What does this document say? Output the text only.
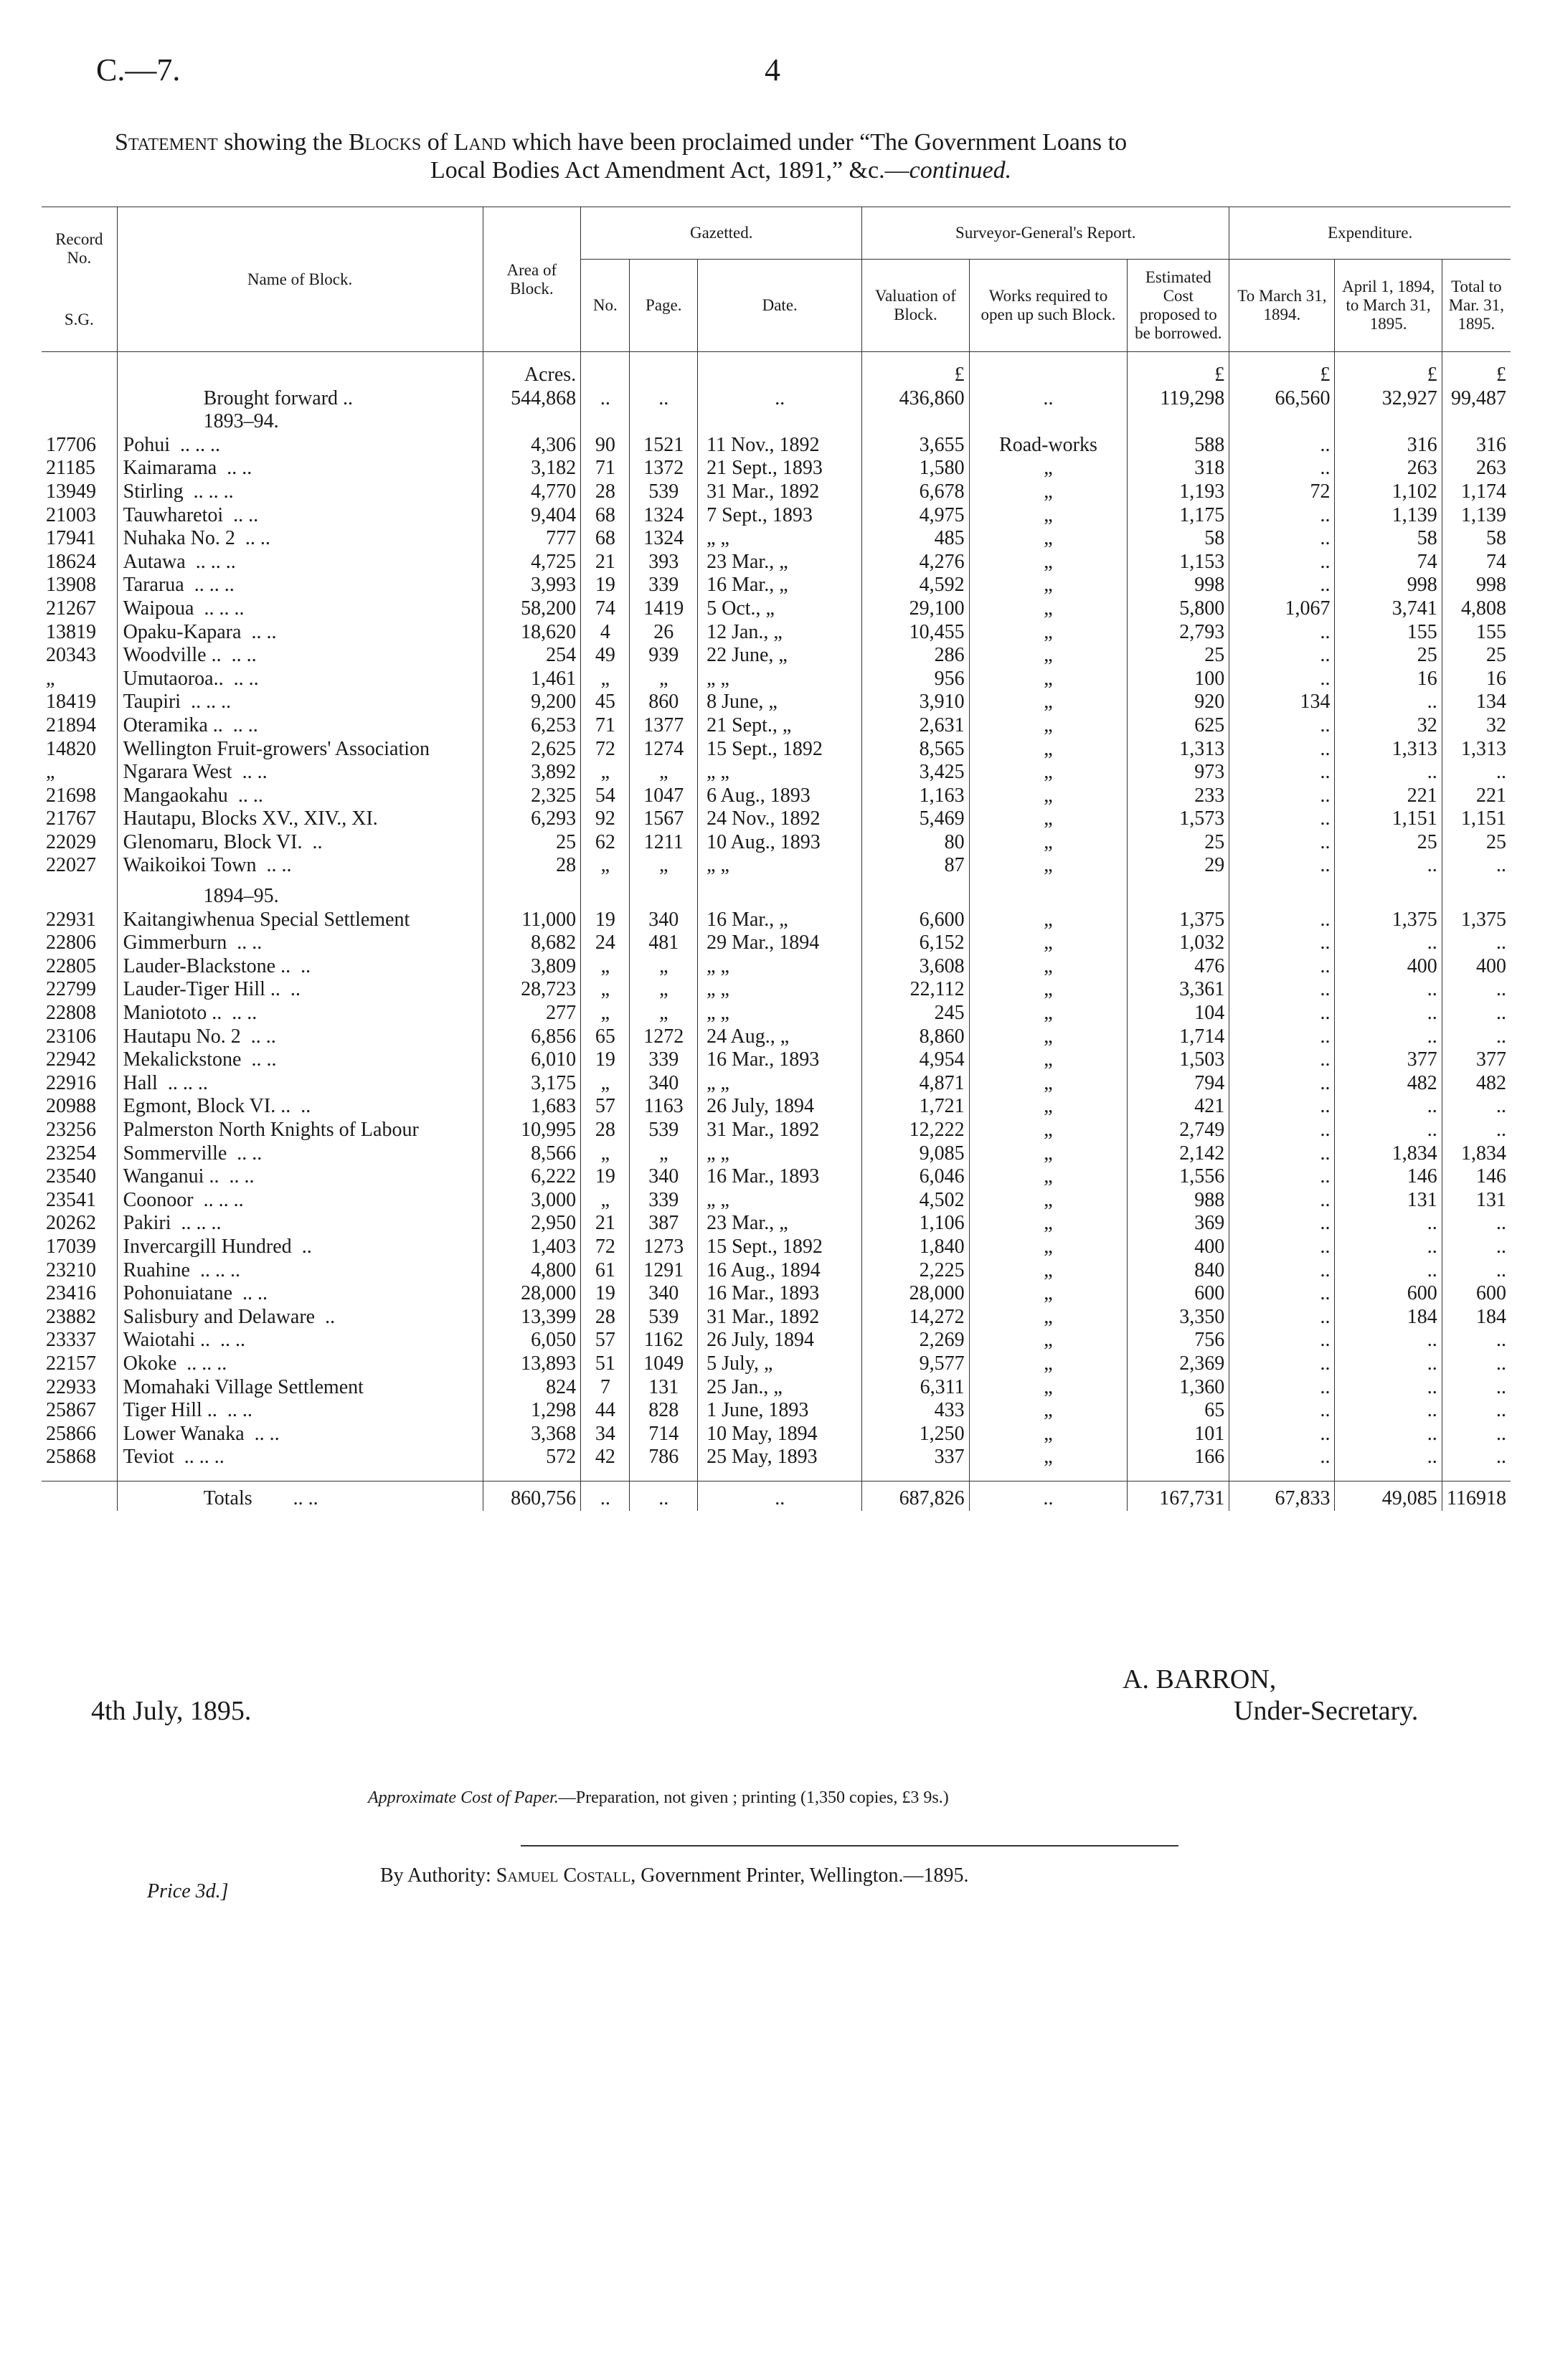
C.—7.	4
Statement showing the Blocks of Land which have been proclaimed under “The Government Loans to
Local Bodies Act Amendment Act, 1891,” &c.—continued.
Record No.
S.G.	Name of Block.	Area of Block.	Gazetted.			Surveyor-General's Report.			Expenditure.		
			No.	Page.	Date.	Valuation of Block.	Works required to open up such Block.	Estimated Cost proposed to be borrowed.	To March 31, 1894.	April 1, 1894, to March 31, 1895.	Total to Mar. 31, 1895.

		Acres.				£		£	£	£	£
	Brought forward ..	544,868	..	..	..	436,860	..	119,298	66,560	32,927	99,487
	1893–94.										
17706	Pohui .. .. ..	4,306	90	1521	11 Nov., 1892	3,655	Road-works	588	..	316	316
21185	Kaimarama .. ..	3,182	71	1372	21 Sept., 1893	1,580	„	318	..	263	263
13949	Stirling .. .. ..	4,770	28	539	31 Mar., 1892	6,678	„	1,193	72	1,102	1,174
21003	Tauwharetoi .. ..	9,404	68	1324	7 Sept., 1893	4,975	„	1,175	..	1,139	1,139
17941	Nuhaka No. 2 .. ..	777	68	1324	„ „	485	„	58	..	58	58
18624	Autawa .. .. ..	4,725	21	393	23 Mar., „	4,276	„	1,153	..	74	74
13908	Tararua .. .. ..	3,993	19	339	16 Mar., „	4,592	„	998	..	998	998
21267	Waipoua .. .. ..	58,200	74	1419	5 Oct., „	29,100	„	5,800	1,067	3,741	4,808
13819	Opaku-Kapara .. ..	18,620	4	26	12 Jan., „	10,455	„	2,793	..	155	155
20343	Woodville .. .. ..	254	49	939	22 June, „	286	„	25	..	25	25
„	Umutaoroa.. .. ..	1,461	„	„	„ „	956	„	100	..	16	16
18419	Taupiri .. .. ..	9,200	45	860	8 June, „	3,910	„	920	134	..	134
21894	Oteramika .. .. ..	6,253	71	1377	21 Sept., „	2,631	„	625	..	32	32
14820	Wellington Fruit-growers' Association	2,625	72	1274	15 Sept., 1892	8,565	„	1,313	..	1,313	1,313
„	Ngarara West .. ..	3,892	„	„	„ „	3,425	„	973	..	..	..
21698	Mangaokahu .. ..	2,325	54	1047	6 Aug., 1893	1,163	„	233	..	221	221
21767	Hautapu, Blocks XV., XIV., XI.	6,293	92	1567	24 Nov., 1892	5,469	„	1,573	..	1,151	1,151
22029	Glenomaru, Block VI. ..	25	62	1211	10 Aug., 1893	80	„	25	..	25	25
22027	Waikoikoi Town .. ..	28	„	„	„ „	87	„	29	..	..	..
	1894–95.										
22931	Kaitangiwhenua Special Settlement	11,000	19	340	16 Mar., „	6,600	„	1,375	..	1,375	1,375
22806	Gimmerburn .. ..	8,682	24	481	29 Mar., 1894	6,152	„	1,032	..	..	..
22805	Lauder-Blackstone .. ..	3,809	„	„	„ „	3,608	„	476	..	400	400
22799	Lauder-Tiger Hill .. ..	28,723	„	„	„ „	22,112	„	3,361	..	..	..
22808	Maniototo .. .. ..	277	„	„	„ „	245	„	104	..	..	..
23106	Hautapu No. 2 .. ..	6,856	65	1272	24 Aug., „	8,860	„	1,714	..	..	..
22942	Mekalickstone .. ..	6,010	19	339	16 Mar., 1893	4,954	„	1,503	..	377	377
22916	Hall .. .. ..	3,175	„	340	„ „	4,871	„	794	..	482	482
20988	Egmont, Block VI. .. ..	1,683	57	1163	26 July, 1894	1,721	„	421	..	..	..
23256	Palmerston North Knights of Labour	10,995	28	539	31 Mar., 1892	12,222	„	2,749	..	..	..
23254	Sommerville .. ..	8,566	„	„	„ „	9,085	„	2,142	..	1,834	1,834
23540	Wanganui .. .. ..	6,222	19	340	16 Mar., 1893	6,046	„	1,556	..	146	146
23541	Coonoor .. .. ..	3,000	„	339	„ „	4,502	„	988	..	131	131
20262	Pakiri .. .. ..	2,950	21	387	23 Mar., „	1,106	„	369	..	..	..
17039	Invercargill Hundred ..	1,403	72	1273	15 Sept., 1892	1,840	„	400	..	..	..
23210	Ruahine .. .. ..	4,800	61	1291	16 Aug., 1894	2,225	„	840	..	..	..
23416	Pohonuiatane .. ..	28,000	19	340	16 Mar., 1893	28,000	„	600	..	600	600
23882	Salisbury and Delaware ..	13,399	28	539	31 Mar., 1892	14,272	„	3,350	..	184	184
23337	Waiotahi .. .. ..	6,050	57	1162	26 July, 1894	2,269	„	756	..	..	..
22157	Okoke .. .. ..	13,893	51	1049	5 July, „	9,577	„	2,369	..	..	..
22933	Momahaki Village Settlement	824	7	131	25 Jan., „	6,311	„	1,360	..	..	..
25867	Tiger Hill .. .. ..	1,298	44	828	1 June, 1893	433	„	65	..	..	..
25866	Lower Wanaka .. ..	3,368	34	714	10 May, 1894	1,250	„	101	..	..	..
25868	Teviot .. .. ..	572	42	786	25 May, 1893	337	„	166	..	..	..

	Totals .. ..	860,756	..	..	..	687,826	..	167,731	67,833	49,085	116918
4th July, 1895.
A. BARRON,
Under-Secretary.
Approximate Cost of Paper.—Preparation, not given ; printing (1,350 copies, £3 9s.)
By Authority: Samuel Costall, Government Printer, Wellington.—1895.
Price 3d.]
